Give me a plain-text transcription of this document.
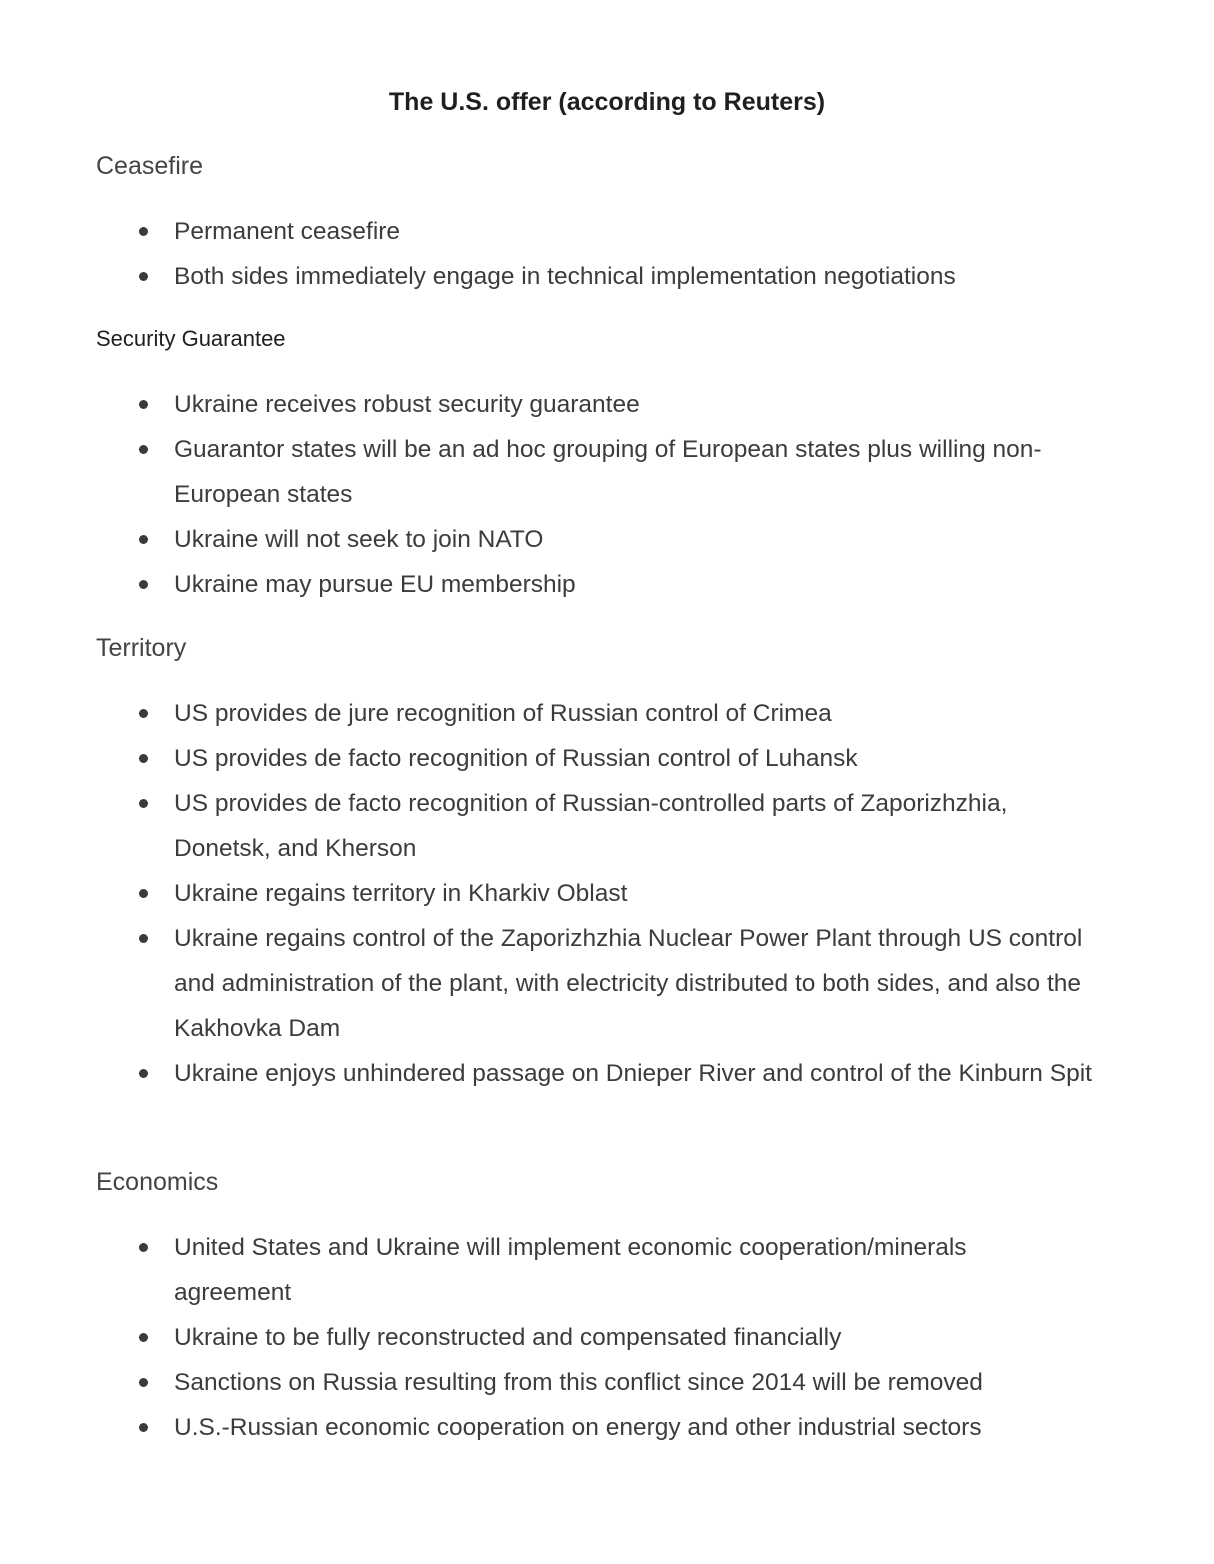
The U.S. offer (according to Reuters)
Ceasefire
Permanent ceasefire
Both sides immediately engage in technical implementation negotiations
Security Guarantee
Ukraine receives robust security guarantee
Guarantor states will be an ad hoc grouping of European states plus willing non-European states
Ukraine will not seek to join NATO
Ukraine may pursue EU membership
Territory
US provides de jure recognition of Russian control of Crimea
US provides de facto recognition of Russian control of Luhansk
US provides de facto recognition of Russian-controlled parts of Zaporizhzhia, Donetsk, and Kherson
Ukraine regains territory in Kharkiv Oblast
Ukraine regains control of the Zaporizhzhia Nuclear Power Plant through US control and administration of the plant, with electricity distributed to both sides, and also the Kakhovka Dam
Ukraine enjoys unhindered passage on Dnieper River and control of the Kinburn Spit
Economics
United States and Ukraine will implement economic cooperation/minerals agreement
Ukraine to be fully reconstructed and compensated financially
Sanctions on Russia resulting from this conflict since 2014 will be removed
U.S.-Russian economic cooperation on energy and other industrial sectors
